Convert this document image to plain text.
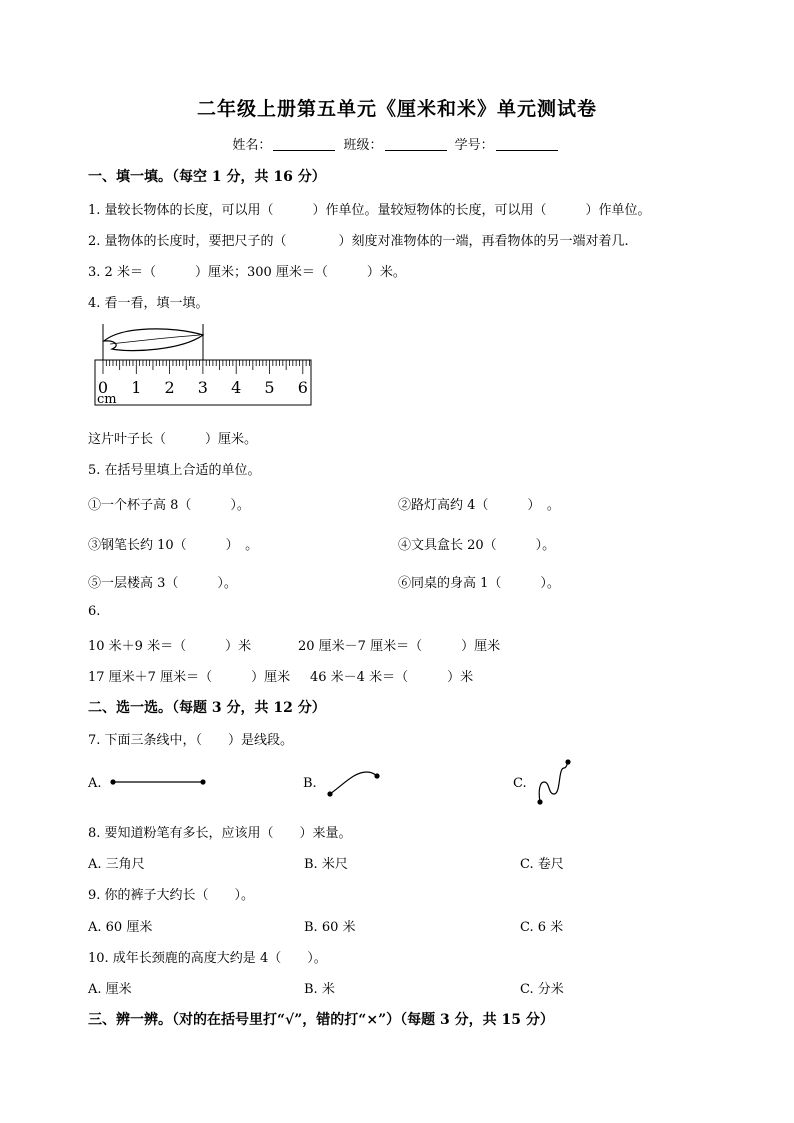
二年级上册第五单元《厘米和米》单元测试卷
姓名：	班级：	学号：
一、填一填。（每空 1 分，共 16 分）
1. 量较长物体的长度，可以用（　　　）作单位。量较短物体的长度，可以用（　　　）作单位。
2. 量物体的长度时，要把尺子的（　　　　）刻度对准物体的一端，再看物体的另一端对着几.
3. 2 米＝（　　　）厘米；300 厘米＝（　　　）米。
4. 看一看，填一填。
0 1 2 3 4 5 6
cm
这片叶子长（　　　）厘米。
5. 在括号里填上合适的单位。
①一个杯子高 8（　　　）。	②路灯高约 4（　　　）　。
③钢笔长约 10（　　　）　。	④文具盒长 20（　　　）。
⑤一层楼高 3（　　　）。	⑥同桌的身高 1（　　　）。
6.
10 米＋9 米＝（　　　）米	20 厘米－7 厘米＝（　　　）厘米
17 厘米＋7 厘米＝（　　　）厘米 46 米－4 米＝（　　　）米
二、选一选。（每题 3 分，共 12 分）
7. 下面三条线中，（　　）是线段。
A.	B.	C.
8. 要知道粉笔有多长，应该用（　　）来量。
A. 三角尺	B. 米尺	C. 卷尺
9. 你的裤子大约长（　　）。
A. 60 厘米	B. 60 米	C. 6 米
10. 成年长颈鹿的高度大约是 4（　　）。
A. 厘米	B. 米	C. 分米
三、辨一辨。（对的在括号里打“√”，错的打“×”）（每题 3 分，共 15 分）
